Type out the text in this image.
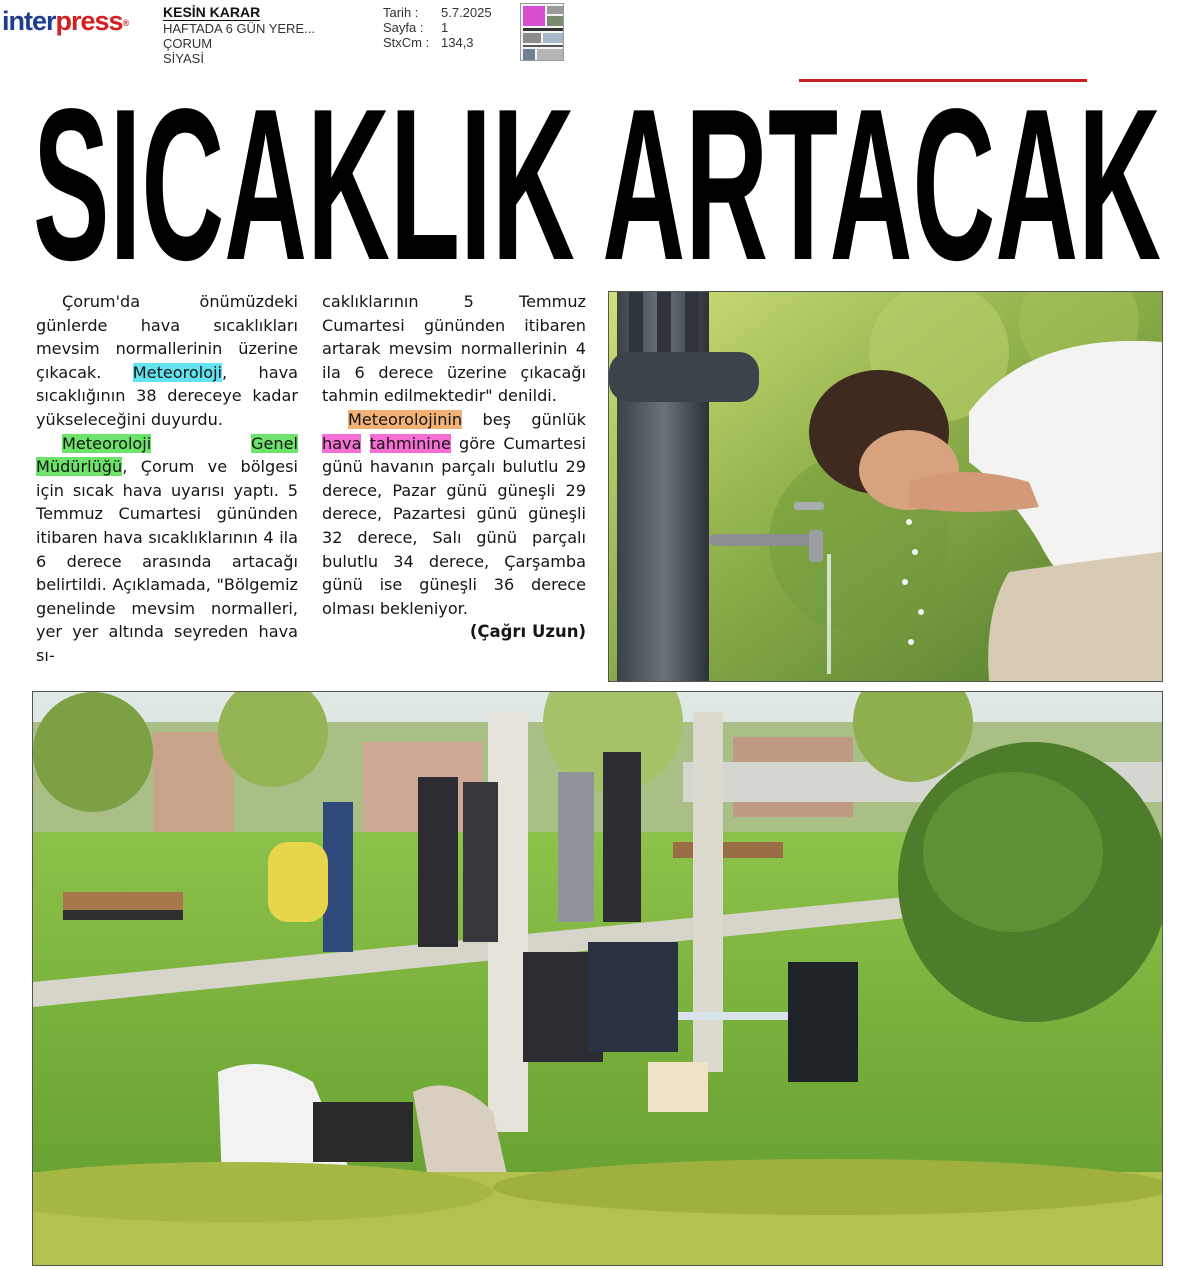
interpress®
KESİN KARAR
HAFTADA 6 GÜN YERE...
ÇORUM
SİYASİ
Tarih :	5.7.2025
Sayfa :	1
StxCm : 134,3
SICAKLIK ARTACAK

Çorum'da önümüzdeki günlerde hava sıcaklıkları mevsim normallerinin üzerine çıkacak. Meteoroloji, hava sıcaklığının 38 dereceye kadar yükseleceğini duyurdu.

Meteoroloji	Genel Müdürlüğü, Çorum ve bölgesi için sıcak hava uyarısı yaptı. 5 Temmuz Cumartesi gününden itibaren hava sıcaklıklarının 4 ila 6 derece arasında artacağı belirtildi. Açıklamada, "Bölgemiz genelinde mevsim normalleri, yer yer altında seyreden hava sı-

caklıklarının 5 Temmuz Cumartesi gününden itibaren artarak mevsim normallerinin 4 ila 6 derece üzerine çıkacağı tahmin edilmektedir" denildi.

Meteorolojinin beş günlük hava tahminine göre Cumartesi günü havanın parçalı bulutlu 29 derece, Pazar günü güneşli 29 derece, Pazartesi günü güneşli 32 derece, Salı günü parçalı bulutlu 34 derece, Çarşamba günü ise güneşli 36 derece olması bekleniyor.

(Çağrı Uzun)
